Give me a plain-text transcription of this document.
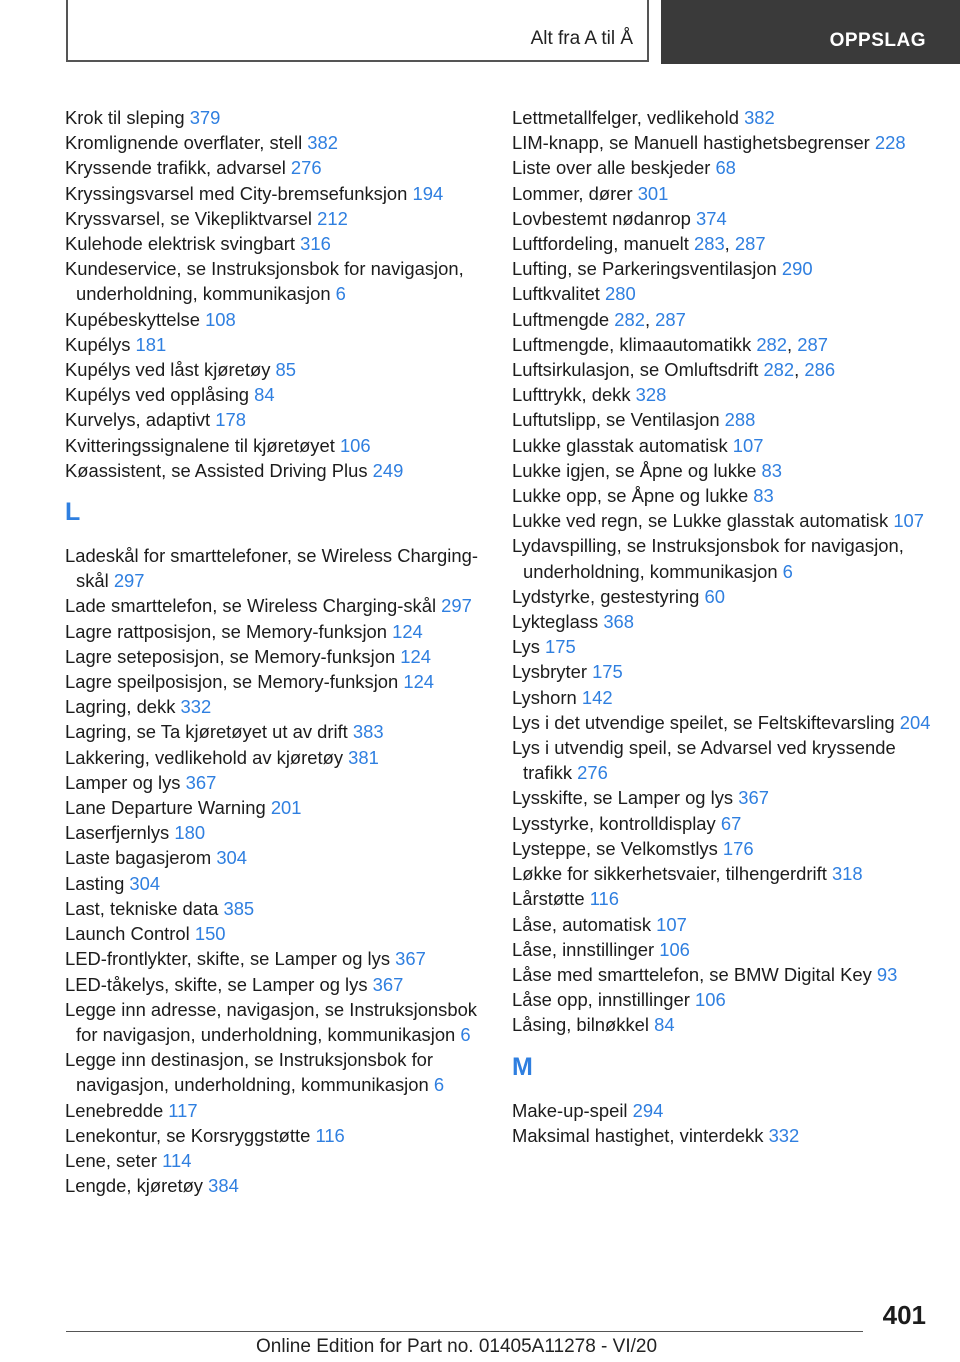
Alt fra A til Å	OPPSLAG
Krok til sleping 379
Kromlignende overflater, stell 382
Kryssende trafikk, advarsel 276
Kryssingsvarsel med City-bremsefunksjon 194
Kryssvarsel, se Vikepliktvarsel 212
Kulehode elektrisk svingbart 316
Kundeservice, se Instruksjonsbok for navigasjon, underholdning, kommunikasjon 6
Kupébeskyttelse 108
Kupélys 181
Kupélys ved låst kjøretøy 85
Kupélys ved opplåsing 84
Kurvelys, adaptivt 178
Kvitteringssignalene til kjøretøyet 106
Køassistent, se Assisted Driving Plus 249
L
Ladeskål for smarttelefoner, se Wireless Charging-skål 297
Lade smarttelefon, se Wireless Charging-skål 297
Lagre rattposisjon, se Memory-funksjon 124
Lagre seteposisjon, se Memory-funksjon 124
Lagre speilposisjon, se Memory-funksjon 124
Lagring, dekk 332
Lagring, se Ta kjøretøyet ut av drift 383
Lakkering, vedlikehold av kjøretøy 381
Lamper og lys 367
Lane Departure Warning 201
Laserfjernlys 180
Laste bagasjerom 304
Lasting 304
Last, tekniske data 385
Launch Control 150
LED-frontlykter, skifte, se Lamper og lys 367
LED-tåkelys, skifte, se Lamper og lys 367
Legge inn adresse, navigasjon, se Instruksjonsbok for navigasjon, underholdning, kommunikasjon 6
Legge inn destinasjon, se Instruksjonsbok for navigasjon, underholdning, kommunikasjon 6
Lenebredde 117
Lenekontur, se Korsryggstøtte 116
Lene, seter 114
Lengde, kjøretøy 384
Lettmetallfelger, vedlikehold 382
LIM-knapp, se Manuell hastighetsbegrenser 228
Liste over alle beskjeder 68
Lommer, dører 301
Lovbestemt nødanrop 374
Luftfordeling, manuelt 283, 287
Lufting, se Parkeringsventilasjon 290
Luftkvalitet 280
Luftmengde 282, 287
Luftmengde, klimaautomatikk 282, 287
Luftsirkulasjon, se Omluftsdrift 282, 286
Lufttrykk, dekk 328
Luftutslipp, se Ventilasjon 288
Lukke glasstak automatisk 107
Lukke igjen, se Åpne og lukke 83
Lukke opp, se Åpne og lukke 83
Lukke ved regn, se Lukke glasstak automatisk 107
Lydavspilling, se Instruksjonsbok for navigasjon, underholdning, kommunikasjon 6
Lydstyrke, gestestyring 60
Lykteglass 368
Lys 175
Lysbryter 175
Lyshorn 142
Lys i det utvendige speilet, se Feltskiftevarsling 204
Lys i utvendig speil, se Advarsel ved kryssende trafikk 276
Lysskifte, se Lamper og lys 367
Lysstyrke, kontrolldisplay 67
Lysteppe, se Velkomstlys 176
Løkke for sikkerhetsvaier, tilhengerdrift 318
Lårstøtte 116
Låse, automatisk 107
Låse, innstillinger 106
Låse med smarttelefon, se BMW Digital Key 93
Låse opp, innstillinger 106
Låsing, bilnøkkel 84
M
Make-up-speil 294
Maksimal hastighet, vinterdekk 332
401
Online Edition for Part no. 01405A11278 - VI/20
